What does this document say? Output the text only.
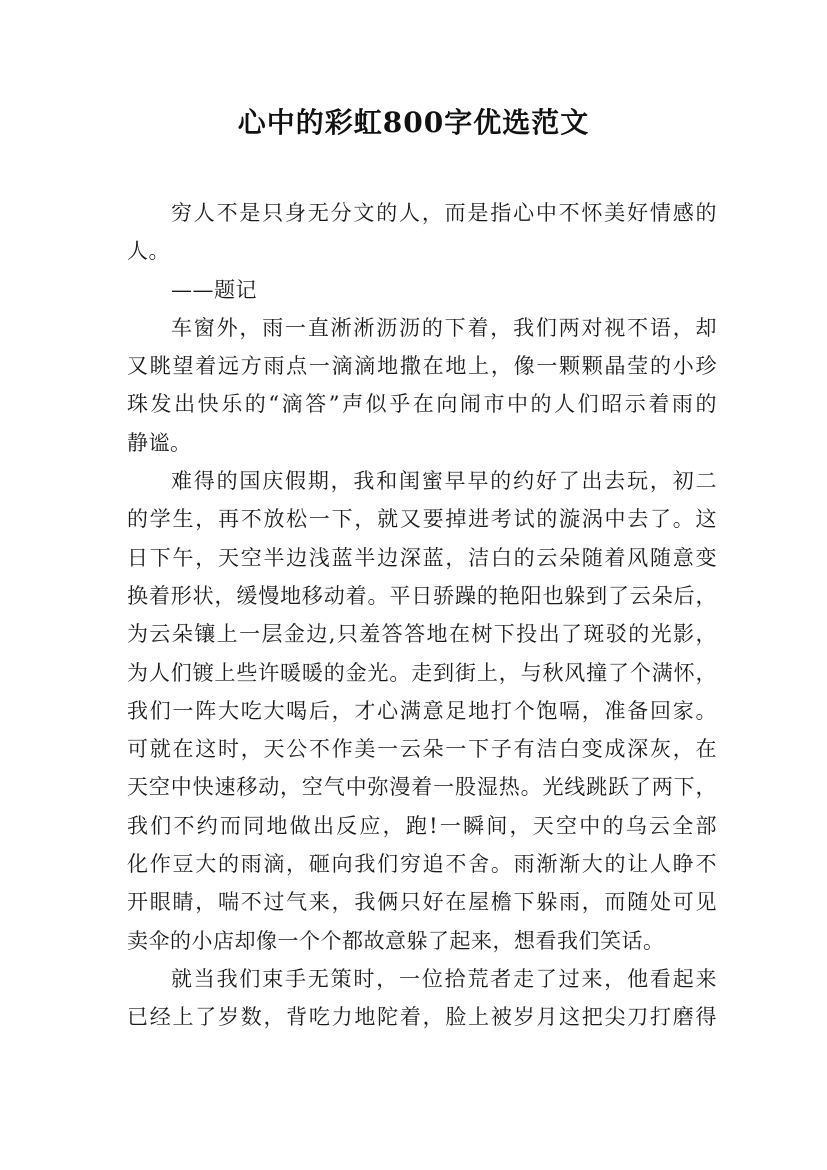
心中的彩虹800字优选范文
穷人不是只身无分文的人，而是指心中不怀美好情感的
人。
——题记
车窗外，雨一直淅淅沥沥的下着，我们两对视不语，却
又眺望着远方雨点一滴滴地撒在地上，像一颗颗晶莹的小珍
珠发出快乐的“滴答”声似乎在向闹市中的人们昭示着雨的
静谧。
难得的国庆假期，我和闺蜜早早的约好了出去玩，初二
的学生，再不放松一下，就又要掉进考试的漩涡中去了。这
日下午，天空半边浅蓝半边深蓝，洁白的云朵随着风随意变
换着形状，缓慢地移动着。平日骄躁的艳阳也躲到了云朵后，
为云朵镶上一层金边,只羞答答地在树下投出了斑驳的光影，
为人们镀上些许暖暖的金光。走到街上，与秋风撞了个满怀，
我们一阵大吃大喝后，才心满意足地打个饱嗝，准备回家。
可就在这时，天公不作美一云朵一下子有洁白变成深灰，在
天空中快速移动，空气中弥漫着一股湿热。光线跳跃了两下，
我们不约而同地做出反应，跑!一瞬间，天空中的乌云全部
化作豆大的雨滴，砸向我们穷追不舍。雨渐渐大的让人睁不
开眼睛，喘不过气来，我俩只好在屋檐下躲雨，而随处可见
卖伞的小店却像一个个都故意躲了起来，想看我们笑话。
就当我们束手无策时，一位拾荒者走了过来，他看起来
已经上了岁数，背吃力地陀着，脸上被岁月这把尖刀打磨得
